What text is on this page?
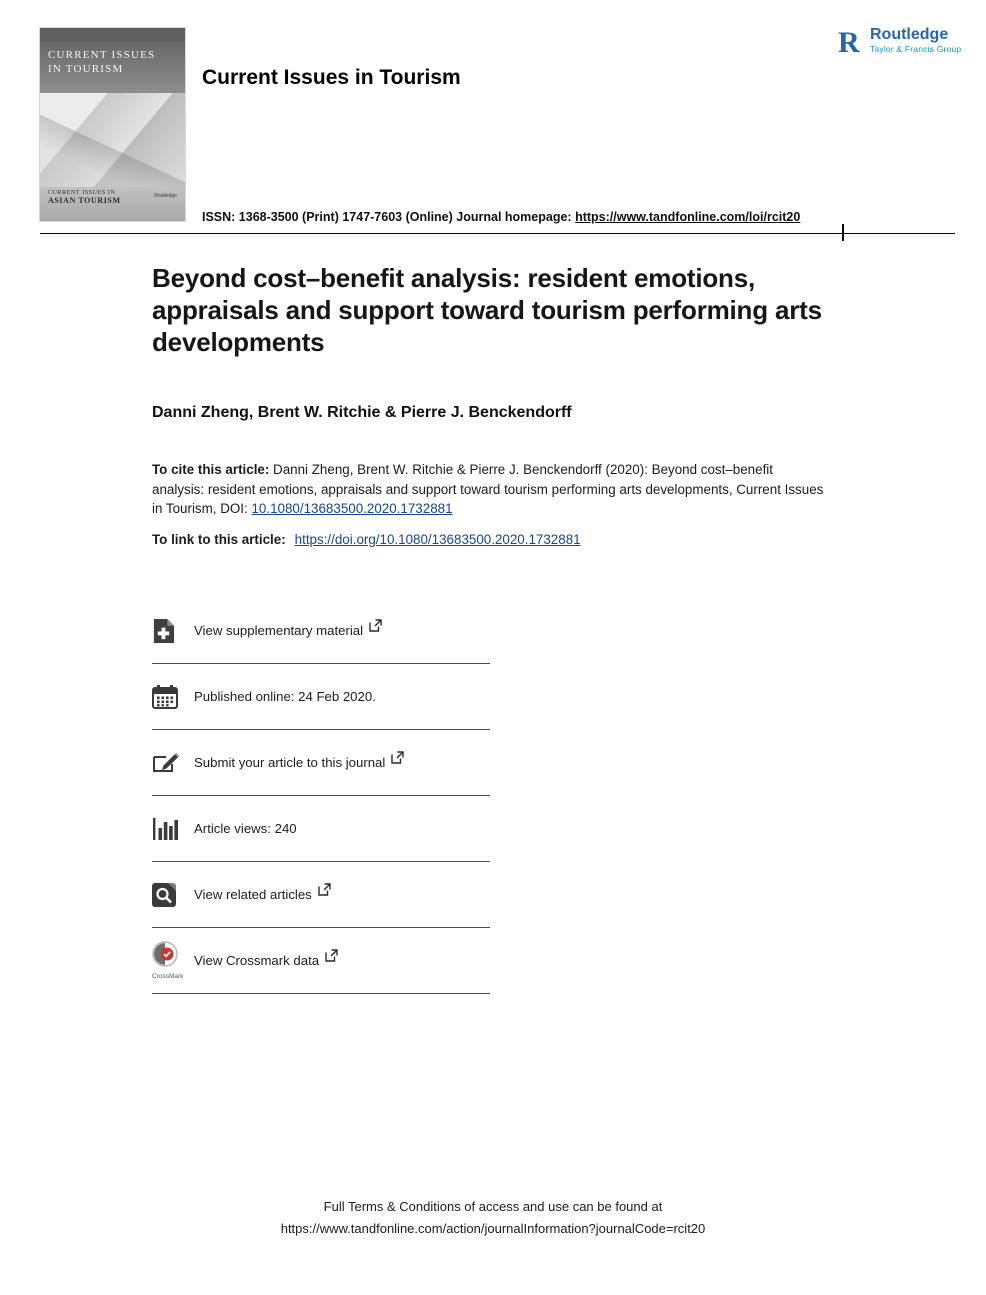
CURRENT ISSUES
IN TOURISM
CURRENT ISSUES IN
ASIAN TOURISM	Routledge
Current Issues in Tourism
R Routledge
Taylor & Francis Group
ISSN: 1368-3500 (Print) 1747-7603 (Online) Journal homepage: https://www.tandfonline.com/loi/rcit20
Beyond cost–benefit analysis: resident emotions, appraisals and support toward tourism performing arts developments
Danni Zheng, Brent W. Ritchie & Pierre J. Benckendorff
To cite this article: Danni Zheng, Brent W. Ritchie & Pierre J. Benckendorff (2020): Beyond cost–benefit analysis: resident emotions, appraisals and support toward tourism performing arts developments, Current Issues in Tourism, DOI: 10.1080/13683500.2020.1732881
To link to this article: https://doi.org/10.1080/13683500.2020.1732881
View supplementary material
Published online: 24 Feb 2020.
Submit your article to this journal
Article views: 240
View related articles
CrossMark
View Crossmark data
Full Terms & Conditions of access and use can be found at
https://www.tandfonline.com/action/journalInformation?journalCode=rcit20
